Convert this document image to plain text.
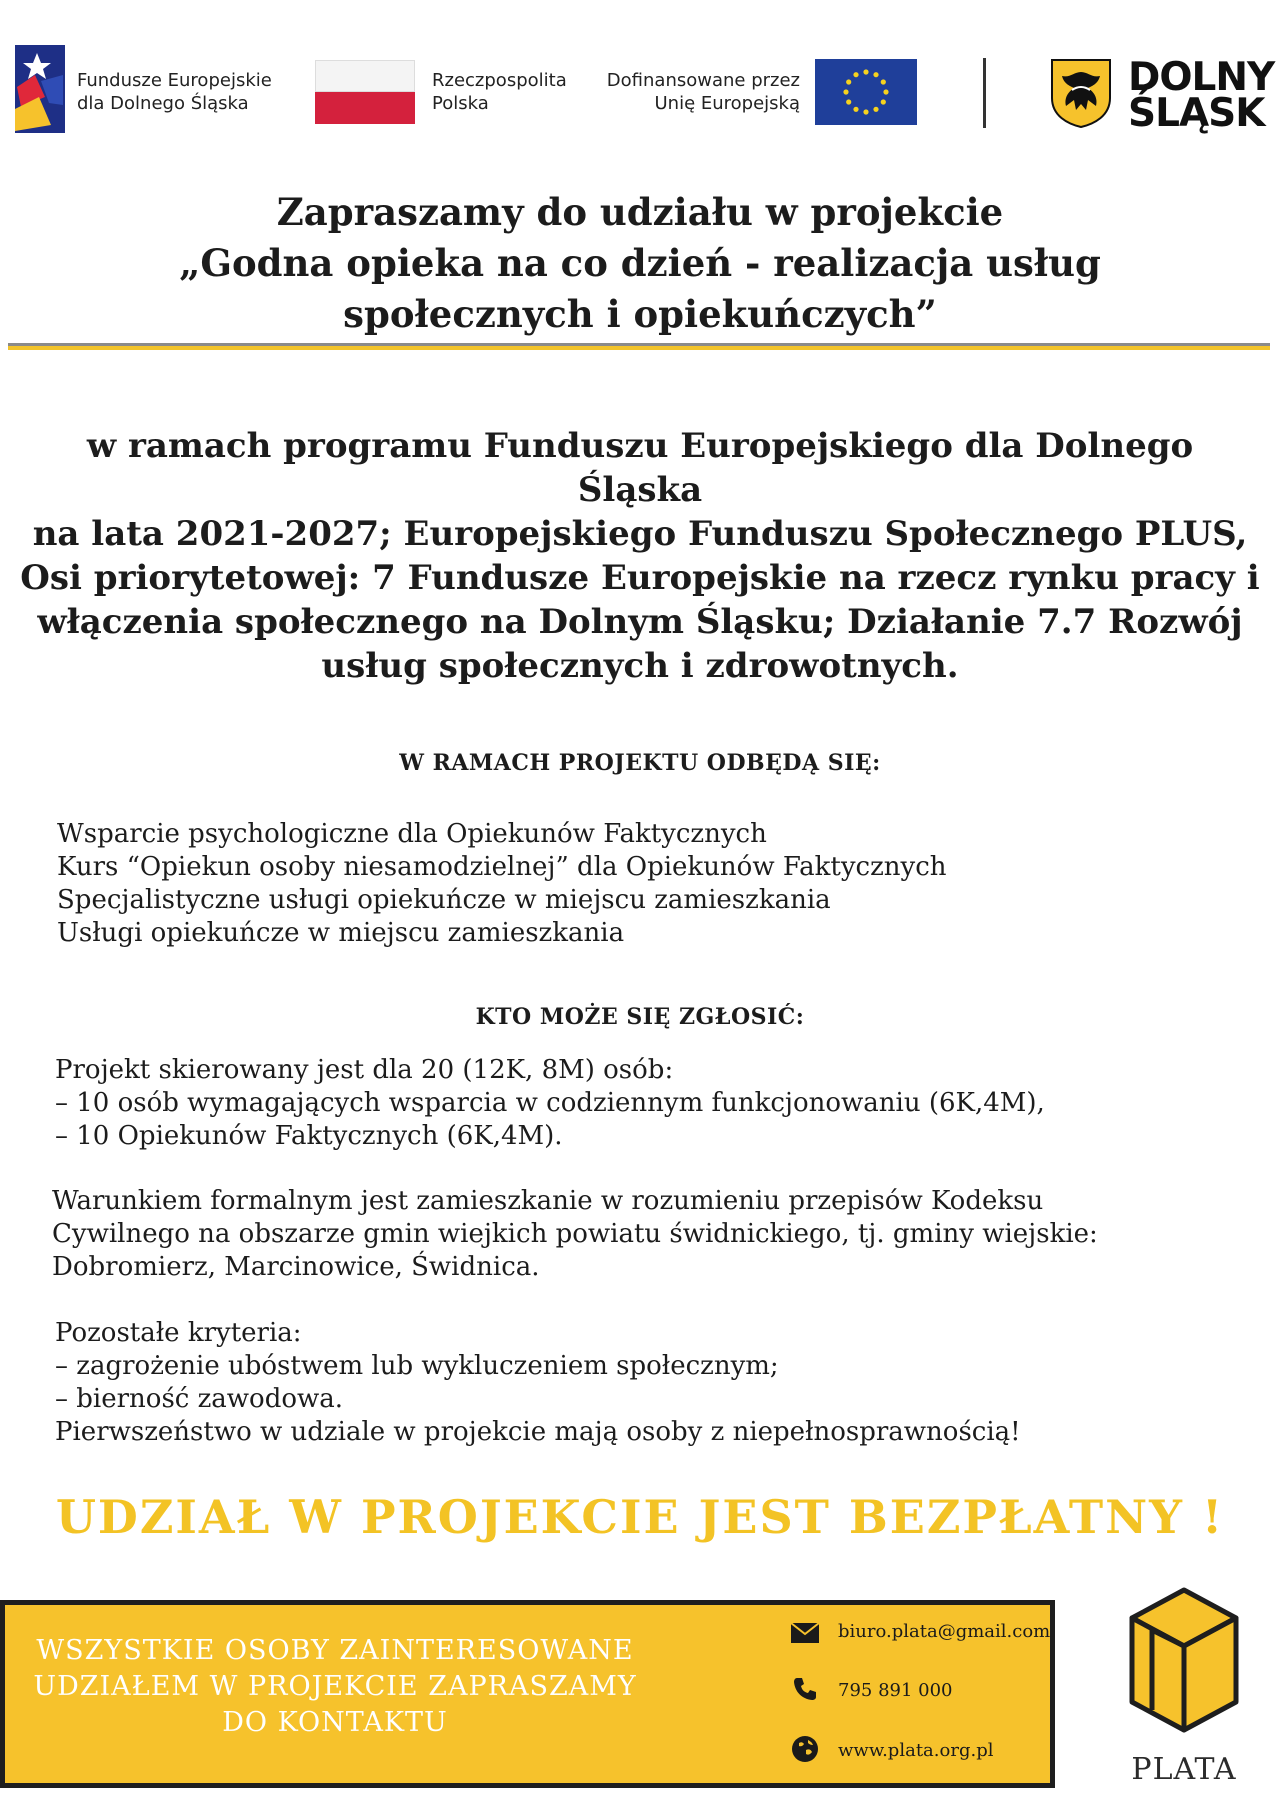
Fundusze Europejskie
dla Dolnego Śląska
Rzeczpospolita
Polska
Dofinansowane przez
Unię Europejską
DOLNY
ŚLĄSK
Zapraszamy do udziału w projekcie
„Godna opieka na co dzień - realizacja usług
społecznych i opiekuńczych”
w ramach programu Funduszu Europejskiego dla Dolnego Śląska
na lata 2021-2027; Europejskiego Funduszu Społecznego PLUS,
Osi priorytetowej: 7 Fundusze Europejskie na rzecz rynku pracy i
włączenia społecznego na Dolnym Śląsku; Działanie 7.7 Rozwój
usług społecznych i zdrowotnych.
W RAMACH PROJEKTU ODBĘDĄ SIĘ:
Wsparcie psychologiczne dla Opiekunów Faktycznych
Kurs “Opiekun osoby niesamodzielnej” dla Opiekunów Faktycznych
Specjalistyczne usługi opiekuńcze w miejscu zamieszkania
Usługi opiekuńcze w miejscu zamieszkania
KTO MOŻE SIĘ ZGŁOSIĆ:
Projekt skierowany jest dla 20 (12K, 8M) osób:
– 10 osób wymagających wsparcia w codziennym funkcjonowaniu (6K,4M),
– 10 Opiekunów Faktycznych (6K,4M).
Warunkiem formalnym jest zamieszkanie w rozumieniu przepisów Kodeksu
Cywilnego na obszarze gmin wiejkich powiatu świdnickiego, tj. gminy wiejskie:
Dobromierz, Marcinowice, Świdnica.
Pozostałe kryteria:
– zagrożenie ubóstwem lub wykluczeniem społecznym;
– bierność zawodowa.
Pierwszeństwo w udziale w projekcie mają osoby z niepełnosprawnością!
UDZIAŁ W PROJEKCIE JEST BEZPŁATNY !
WSZYSTKIE OSOBY ZAINTERESOWANE
UDZIAŁEM W PROJEKCIE ZAPRASZAMY
DO KONTAKTU
biuro.plata@gmail.com
795 891 000
www.plata.org.pl
PLATA
